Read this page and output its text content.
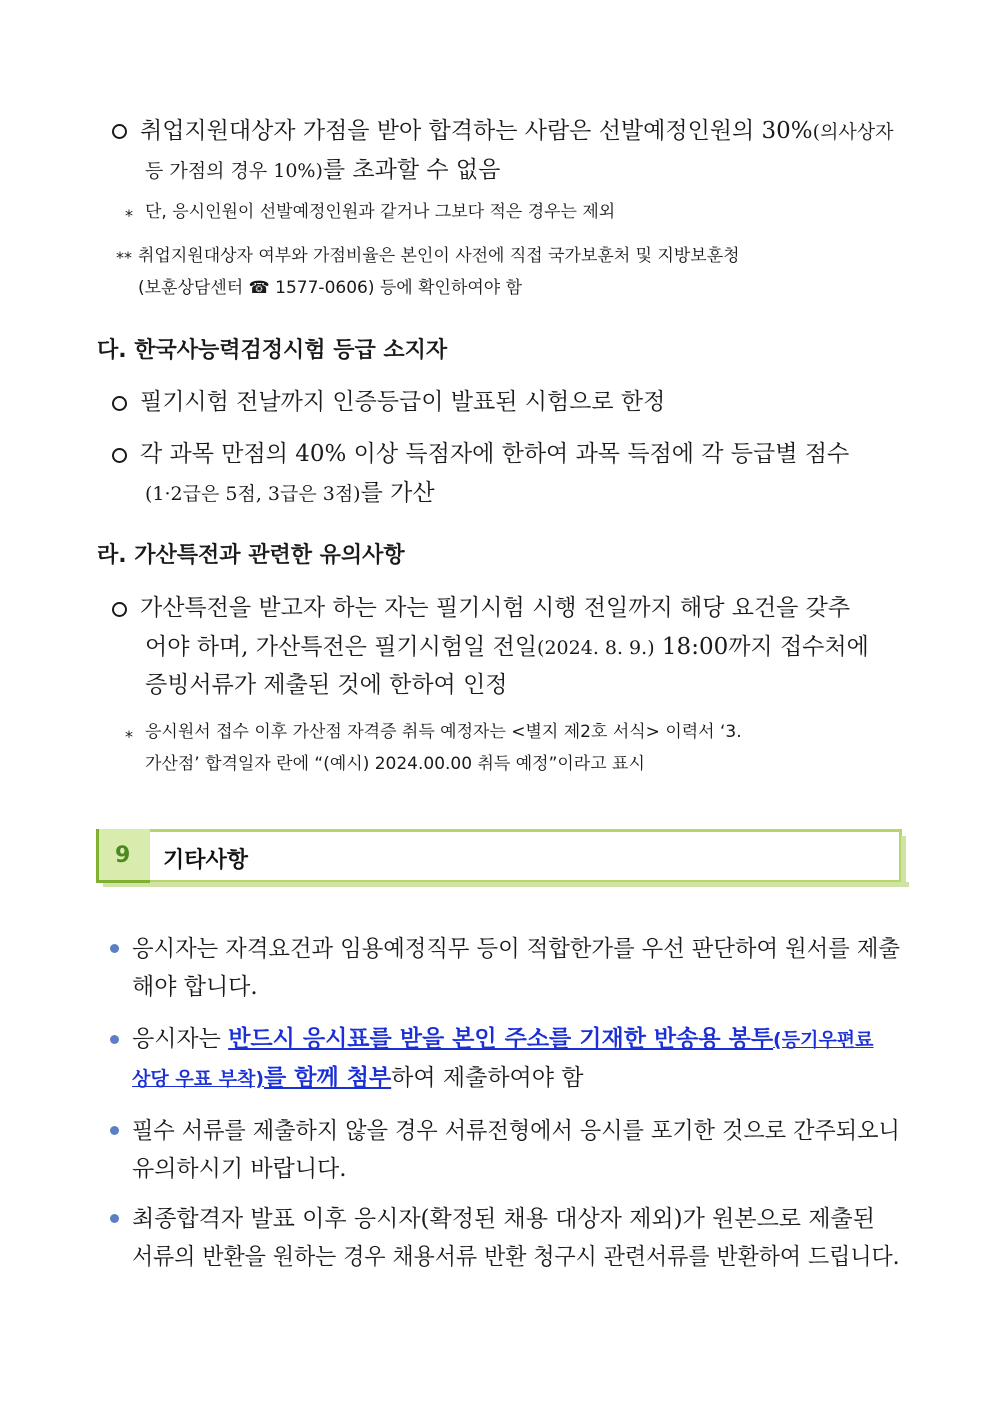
취업지원대상자 가점을 받아 합격하는 사람은 선발예정인원의 30%(의사상자
등 가점의 경우 10%)를 초과할 수 없음
* 단, 응시인원이 선발예정인원과 같거나 그보다 적은 경우는 제외
** 취업지원대상자 여부와 가점비율은 본인이 사전에 직접 국가보훈처 및 지방보훈청
(보훈상담센터 ☎ 1577-0606) 등에 확인하여야 함
다. 한국사능력검정시험 등급 소지자
필기시험 전날까지 인증등급이 발표된 시험으로 한정
각 과목 만점의 40% 이상 득점자에 한하여 과목 득점에 각 등급별 점수
(1·2급은 5점, 3급은 3점)를 가산
라. 가산특전과 관련한 유의사항
가산특전을 받고자 하는 자는 필기시험 시행 전일까지 해당 요건을 갖추
어야 하며, 가산특전은 필기시험일 전일(2024. 8. 9.) 18:00까지 접수처에
증빙서류가 제출된 것에 한하여 인정
* 응시원서 접수 이후 가산점 자격증 취득 예정자는 <별지 제2호 서식> 이력서 ‘3.
가산점’ 합격일자 란에 “(예시) 2024.00.00 취득 예정”이라고 표시
9 기타사항
응시자는 자격요건과 임용예정직무 등이 적합한가를 우선 판단하여 원서를 제출
해야 합니다.
응시자는 반드시 응시표를 받을 본인 주소를 기재한 반송용 봉투(등기우편료
상당 우표 부착)를 함께 첨부하여 제출하여야 함
필수 서류를 제출하지 않을 경우 서류전형에서 응시를 포기한 것으로 간주되오니
유의하시기 바랍니다.
최종합격자 발표 이후 응시자(확정된 채용 대상자 제외)가 원본으로 제출된
서류의 반환을 원하는 경우 채용서류 반환 청구시 관련서류를 반환하여 드립니다.
